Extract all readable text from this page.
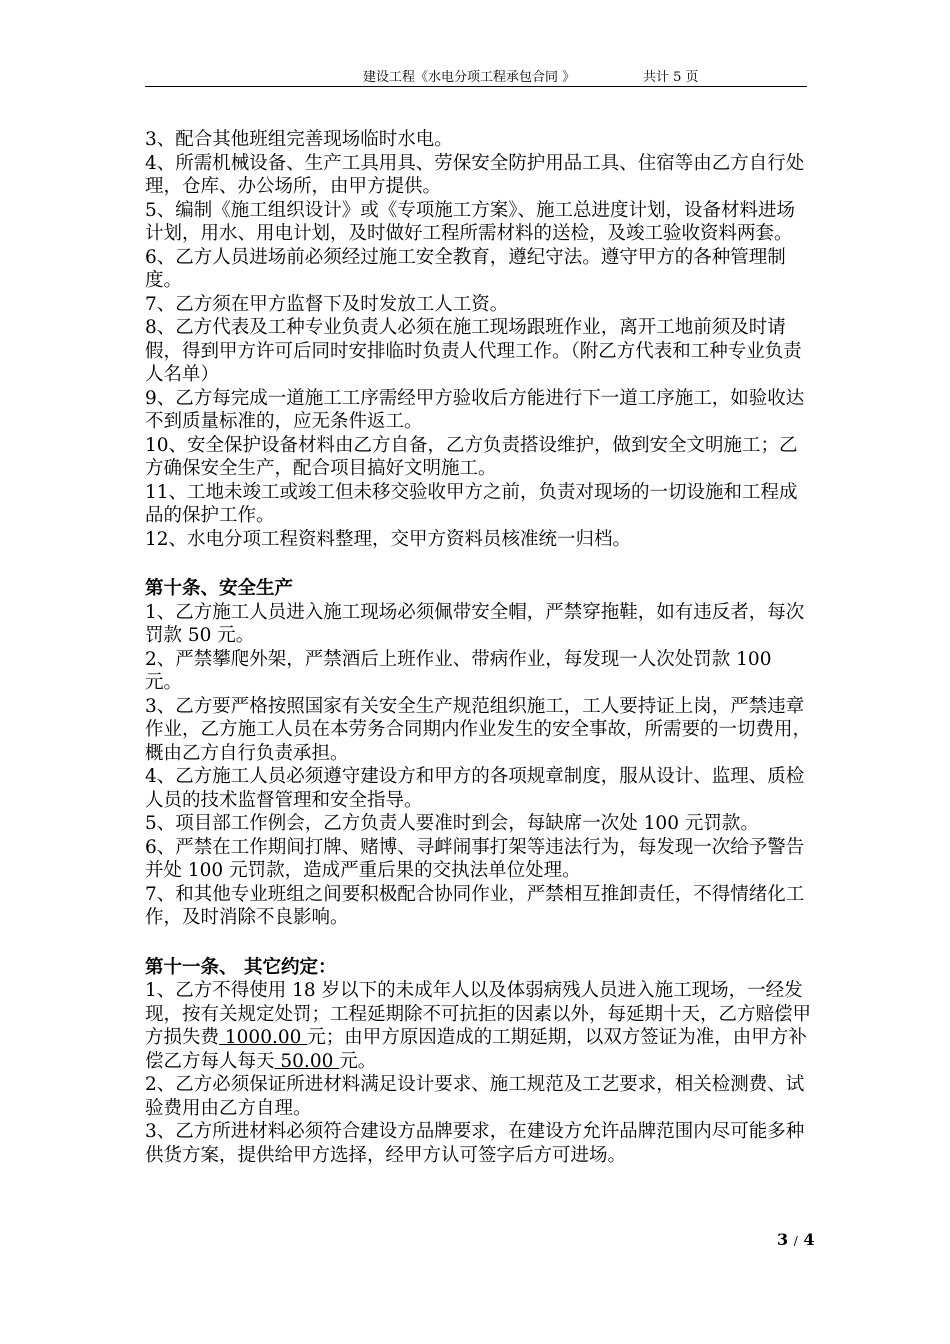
建设工程《水电分项工程承包合同 》	共计 5 页

3、配合其他班组完善现场临时水电。

4、所需机械设备、生产工具用具、劳保安全防护用品工具、住宿等由乙方自行处理，仓库、办公场所，由甲方提供。

5、编制《施工组织设计》或《专项施工方案》、施工总进度计划，设备材料进场计划，用水、用电计划，及时做好工程所需材料的送检，及竣工验收资料两套。

6、乙方人员进场前必须经过施工安全教育，遵纪守法。遵守甲方的各种管理制度。

7、乙方须在甲方监督下及时发放工人工资。

8、乙方代表及工种专业负责人必须在施工现场跟班作业，离开工地前须及时请假，得到甲方许可后同时安排临时负责人代理工作。（附乙方代表和工种专业负责人名单）

9、乙方每完成一道施工工序需经甲方验收后方能进行下一道工序施工，如验收达不到质量标准的，应无条件返工。

10、安全保护设备材料由乙方自备，乙方负责搭设维护，做到安全文明施工；乙方确保安全生产，配合项目搞好文明施工。

11、工地未竣工或竣工但未移交验收甲方之前，负责对现场的一切设施和工程成品的保护工作。

12、水电分项工程资料整理，交甲方资料员核准统一归档。

第十条、安全生产

1、乙方施工人员进入施工现场必须佩带安全帽，严禁穿拖鞋，如有违反者，每次罚款 50 元。

2、严禁攀爬外架，严禁酒后上班作业、带病作业，每发现一人次处罚款 100 元。

3、乙方要严格按照国家有关安全生产规范组织施工，工人要持证上岗，严禁违章作业，乙方施工人员在本劳务合同期内作业发生的安全事故，所需要的一切费用，概由乙方自行负责承担。

4、乙方施工人员必须遵守建设方和甲方的各项规章制度，服从设计、监理、质检人员的技术监督管理和安全指导。

5、项目部工作例会，乙方负责人要准时到会，每缺席一次处 100 元罚款。

6、严禁在工作期间打牌、赌博、寻衅闹事打架等违法行为，每发现一次给予警告并处 100 元罚款，造成严重后果的交执法单位处理。

7、和其他专业班组之间要积极配合协同作业，严禁相互推卸责任，不得情绪化工作，及时消除不良影响。

第十一条、 其它约定：

1、乙方不得使用 18 岁以下的未成年人以及体弱病残人员进入施工现场，一经发现，按有关规定处罚；工程延期除不可抗拒的因素以外，每延期十天，乙方赔偿甲方损失费 1000.00 元；由甲方原因造成的工期延期，以双方签证为准，由甲方补偿乙方每人每天 50.00 元。

2、乙方必须保证所进材料满足设计要求、施工规范及工艺要求，相关检测费、试验费用由乙方自理。

3、乙方所进材料必须符合建设方品牌要求，在建设方允许品牌范围内尽可能多种供货方案，提供给甲方选择，经甲方认可签字后方可进场。

3 / 4
